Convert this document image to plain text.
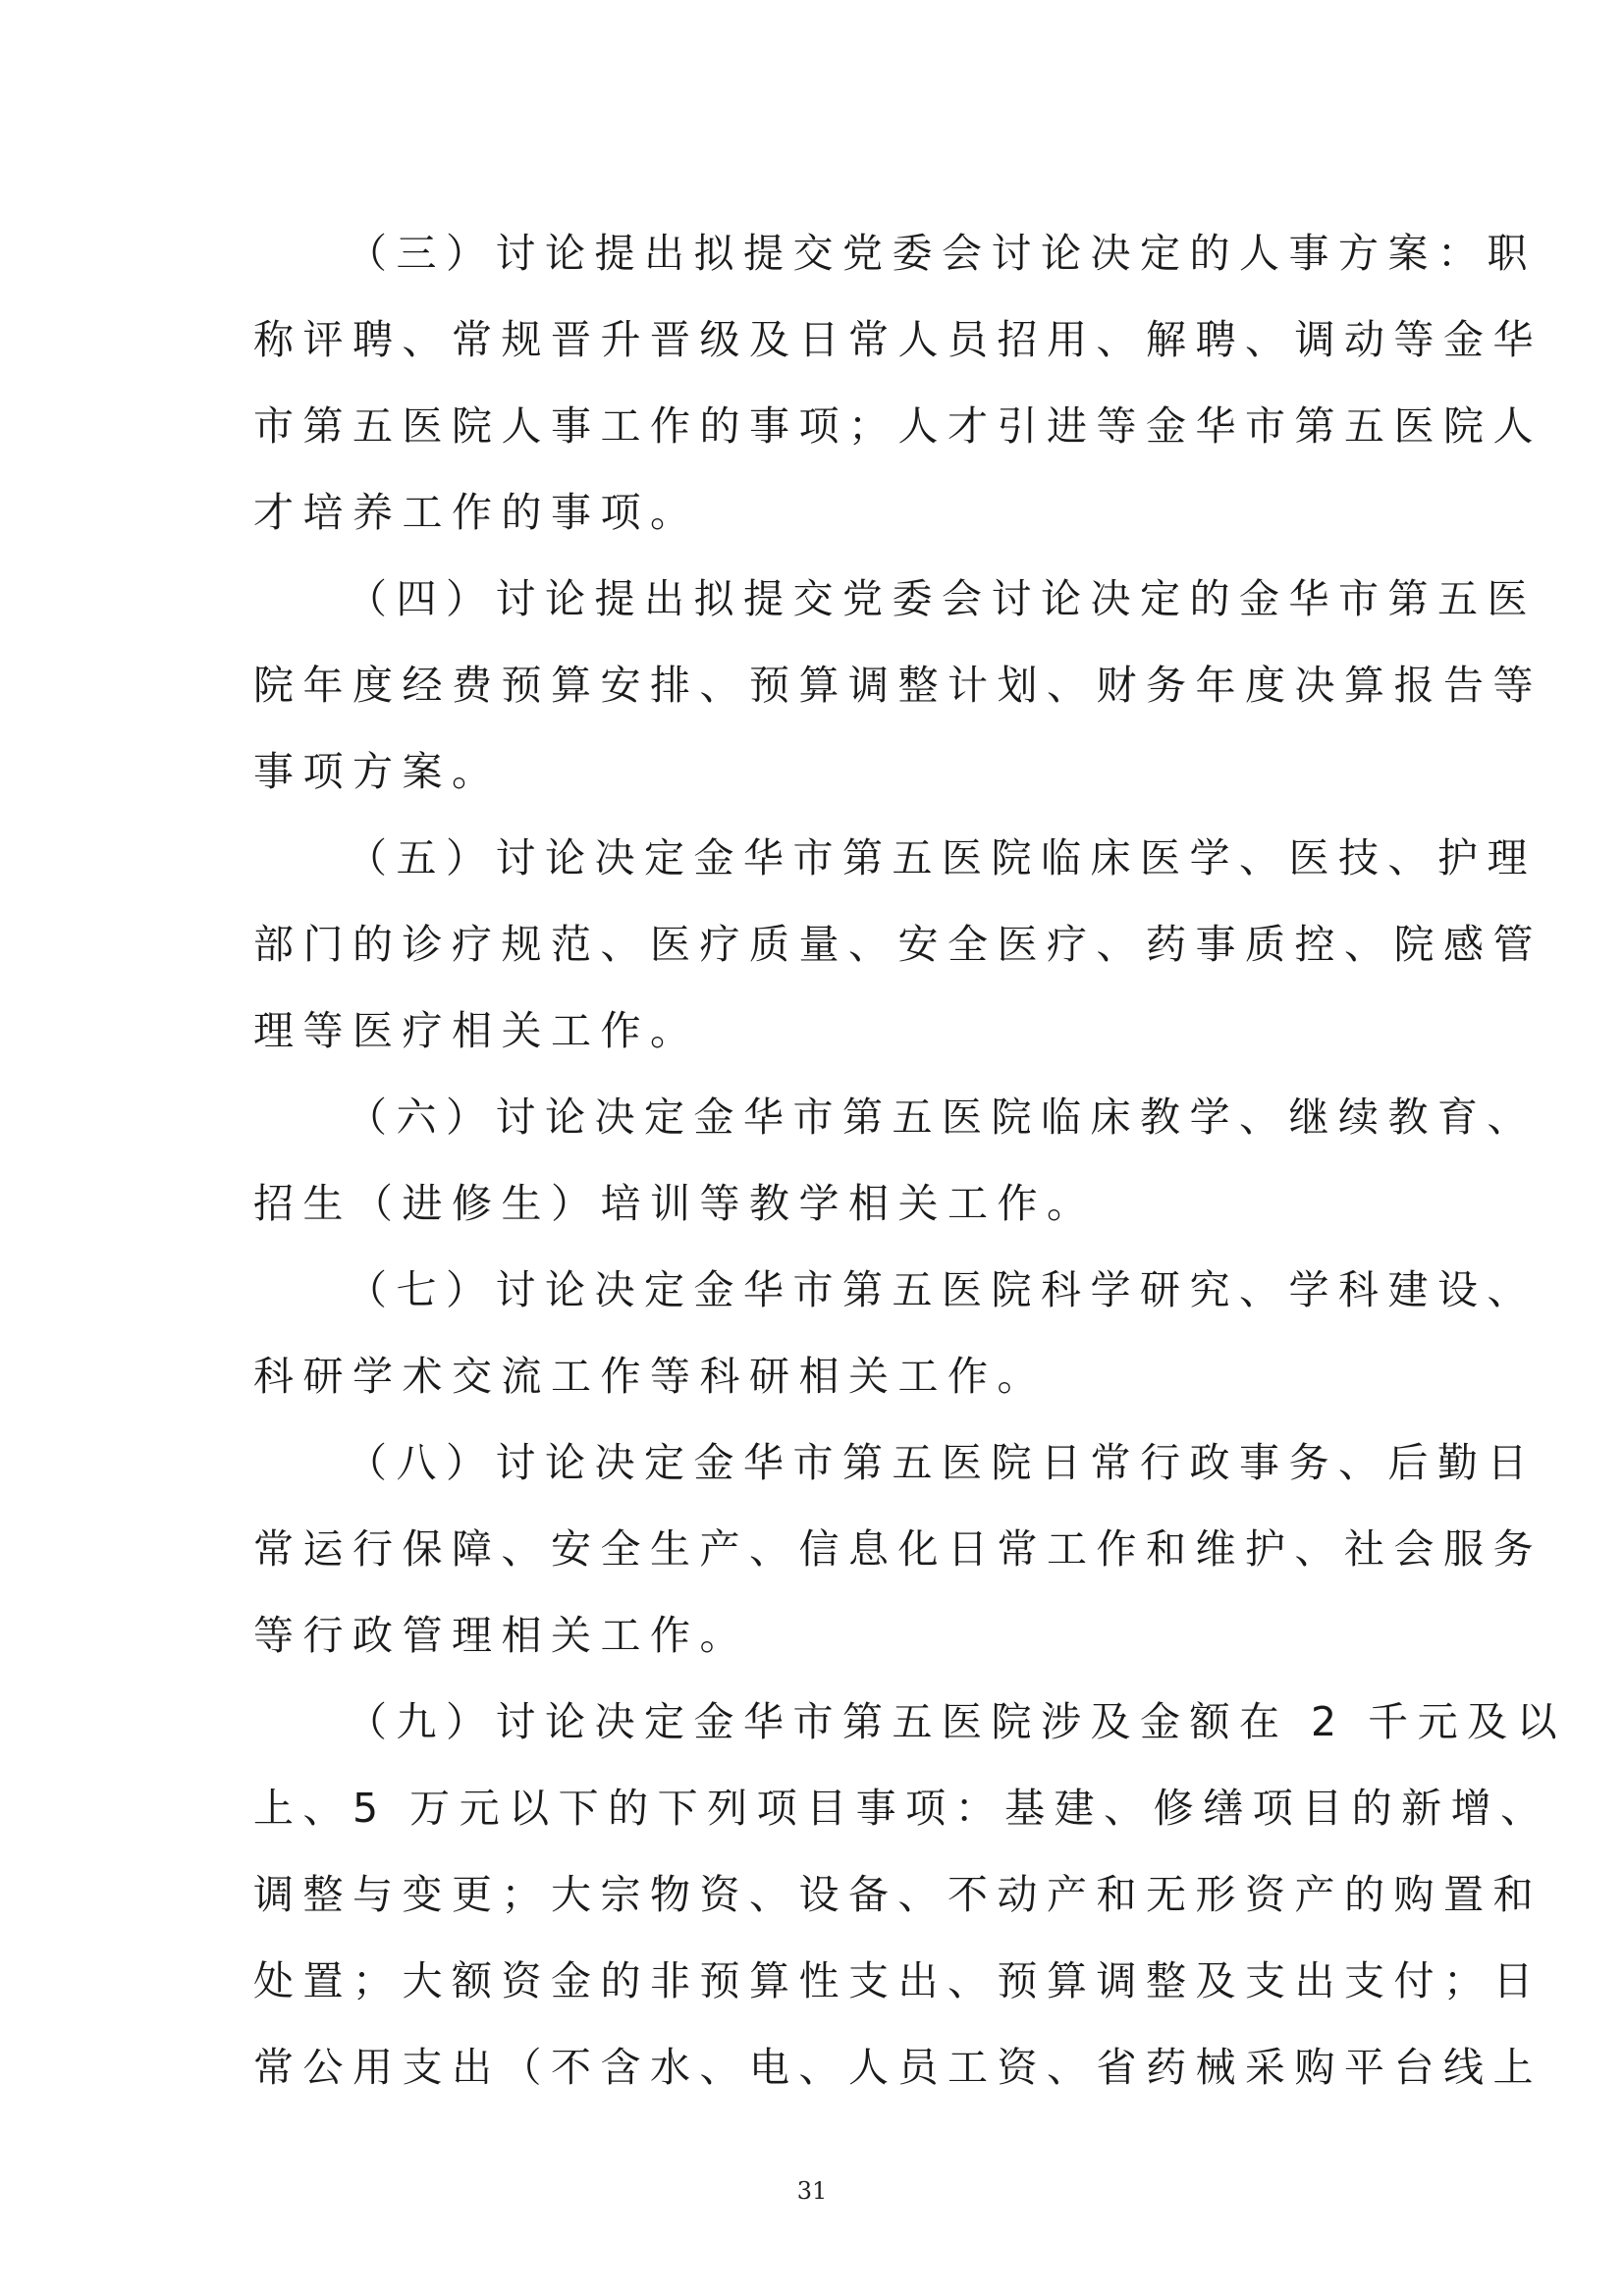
（三）讨论提出拟提交党委会讨论决定的人事方案：职
称评聘、常规晋升晋级及日常人员招用、解聘、调动等金华
市第五医院人事工作的事项；人才引进等金华市第五医院人
才培养工作的事项。
（四）讨论提出拟提交党委会讨论决定的金华市第五医
院年度经费预算安排、预算调整计划、财务年度决算报告等
事项方案。
（五）讨论决定金华市第五医院临床医学、医技、护理
部门的诊疗规范、医疗质量、安全医疗、药事质控、院感管
理等医疗相关工作。
（六）讨论决定金华市第五医院临床教学、继续教育、
招生（进修生）培训等教学相关工作。
（七）讨论决定金华市第五医院科学研究、学科建设、
科研学术交流工作等科研相关工作。
（八）讨论决定金华市第五医院日常行政事务、后勤日
常运行保障、安全生产、信息化日常工作和维护、社会服务
等行政管理相关工作。
（九）讨论决定金华市第五医院涉及金额在 2 千元及以
上、5 万元以下的下列项目事项：基建、修缮项目的新增、
调整与变更；大宗物资、设备、不动产和无形资产的购置和
处置；大额资金的非预算性支出、预算调整及支出支付；日
常公用支出（不含水、电、人员工资、省药械采购平台线上
31
